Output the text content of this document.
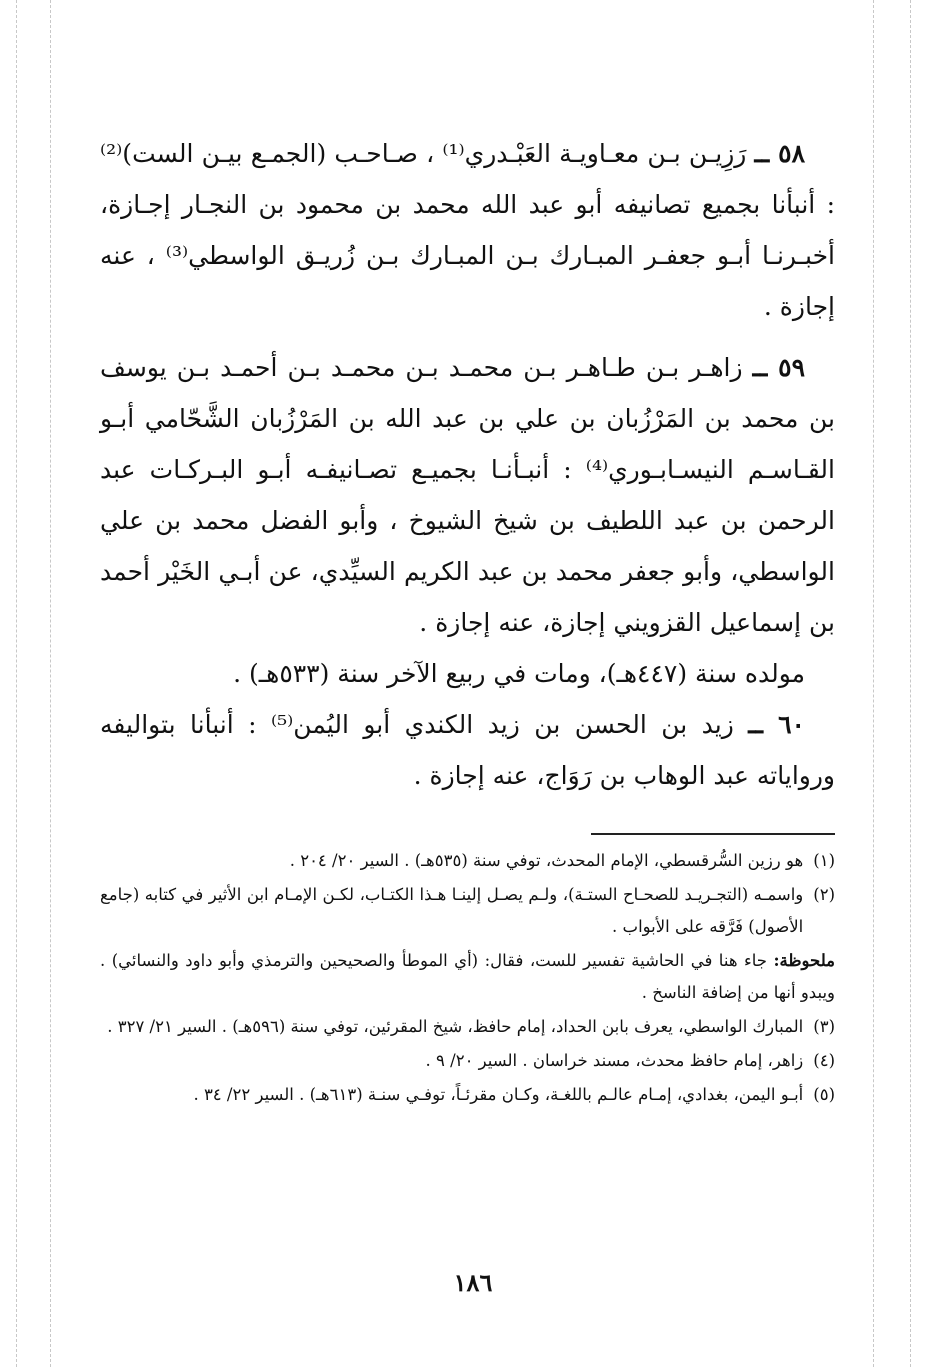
٥٨ ــ رَزِيـن بـن معـاويـة العَبْـدري⁽¹⁾ ، صـاحـب (الجمـع بيـن الست)⁽²⁾ : أنبأنا بجميع تصانيفه أبو عبد الله محمد بن محمود بن النجـار إجـازة، أخبـرنـا أبـو جعفـر المبـارك بـن المبـارك بـن زُريـق الواسطي⁽³⁾ ، عنه إجازة .

٥٩ ــ زاهـر بـن طـاهـر بـن محمـد بـن محمـد بـن أحمـد بـن يوسف بن محمد بن المَرْزُبان بن علي بن عبد الله بن المَرْزُبان الشَّحّامي أبـو القـاسـم النيسـابـوري⁽⁴⁾ : أنبـأنـا بجميـع تصـانيفـه أبـو البـركـات عبد الرحمن بن عبد اللطيف بن شيخ الشيوخ ، وأبو الفضل محمد بن علي الواسطي، وأبو جعفر محمد بن عبد الكريم السيِّدي، عن أبـي الخَيْر أحمد بن إسماعيل القزويني إجازة، عنه إجازة .

مولده سنة (٤٤٧هـ)، ومات في ربيع الآخر سنة (٥٣٣هـ) .

٦٠ ــ زيد بن الحسن بن زيد الكندي أبو اليُمن⁽⁵⁾ : أنبأنا بتواليفه ورواياته عبد الوهاب بن رَوَاج، عنه إجازة .

(١)
هو رزين السُّرقسطي، الإمام المحدث، توفي سنة (٥٣٥هـ) . السير ٢٠/ ٢٠٤ .
(٢)
واسمـه (التجـريـد للصحـاح الستـة)، ولـم يصـل إلينـا هـذا الكتـاب، لكـن الإمـام ابن الأثير في كتابه (جامع الأصول) فَرَّقه على الأبواب .

ملحوظة: جاء هنا في الحاشية تفسير للست، فقال: (أي الموطأ والصحيحين والترمذي وأبو داود والنسائي) . ويبدو أنها من إضافة الناسخ .

(٣)
المبارك الواسطي، يعرف بابن الحداد، إمام حافظ، شيخ المقرئين، توفي سنة (٥٩٦هـ) . السير ٢١/ ٣٢٧ .
(٤)
زاهر، إمام حافظ محدث، مسند خراسان . السير ٢٠/ ٩ .
(٥)
أبـو اليمن، بغدادي، إمـام عالـم باللغـة، وكـان مقرئـاً، توفـي سنـة (٦١٣هـ) . السير ٢٢/ ٣٤ .
١٨٦
